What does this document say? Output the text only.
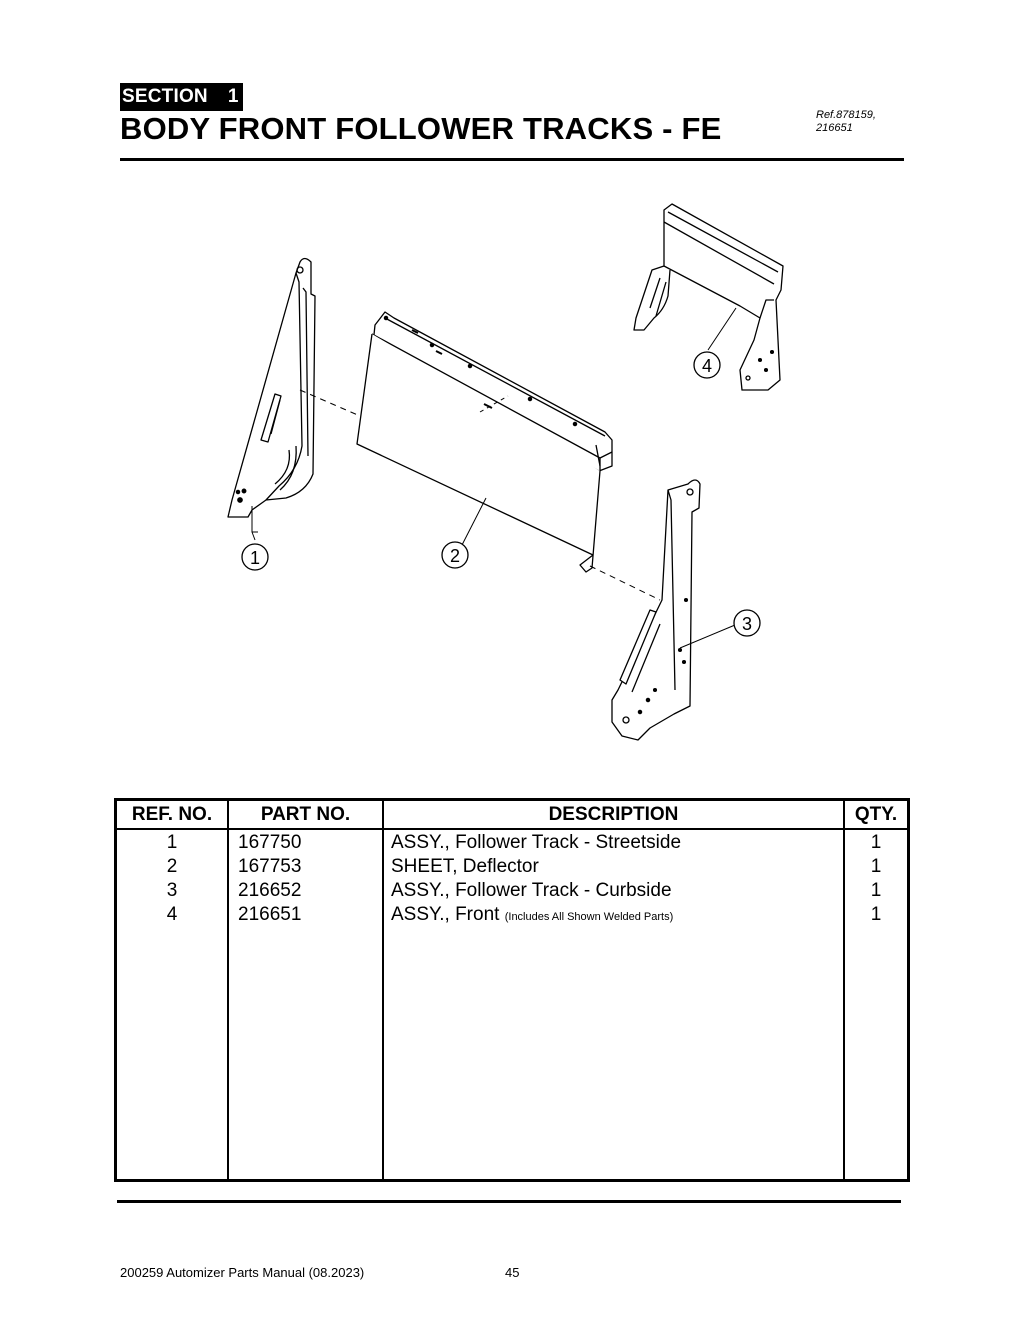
SECTION 1
BODY FRONT FOLLOWER TRACKS - FE	Ref.878159,
216651
1	2
3
4
REF. NO.	PART NO.	DESCRIPTION	QTY.
1	167750	ASSY., Follower Track - Streetside	1
2	167753	SHEET, Deflector	1
3	216652	ASSY., Follower Track - Curbside	1
4	216651	ASSY., Front (Includes All Shown Welded Parts)	1
200259 Automizer Parts Manual (08.2023)	45
